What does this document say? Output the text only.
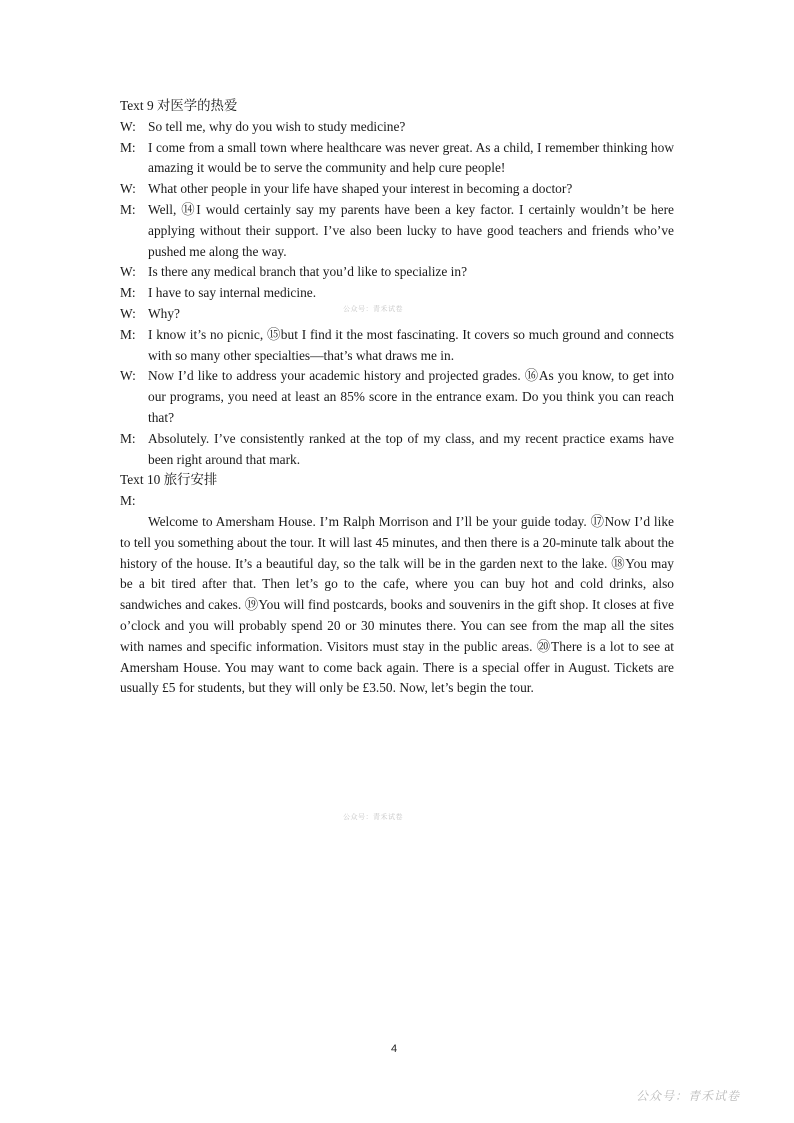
Text 9 对医学的热爱
W: So tell me, why do you wish to study medicine?
M: I come from a small town where healthcare was never great. As a child, I remember thinking how amazing it would be to serve the community and help cure people!
W: What other people in your life have shaped your interest in becoming a doctor?
M: Well, ⑭I would certainly say my parents have been a key factor. I certainly wouldn’t be here applying without their support. I’ve also been lucky to have good teachers and friends who’ve pushed me along the way.
W: Is there any medical branch that you’d like to specialize in?
M: I have to say internal medicine.
W: Why?
M: I know it’s no picnic, ⑮but I find it the most fascinating. It covers so much ground and connects with so many other specialties—that’s what draws me in.
W: Now I’d like to address your academic history and projected grades. ⑯As you know, to get into our programs, you need at least an 85% score in the entrance exam. Do you think you can reach that?
M: Absolutely. I’ve consistently ranked at the top of my class, and my recent practice exams have been right around that mark.
Text 10 旅行安排
M:

Welcome to Amersham House. I’m Ralph Morrison and I’ll be your guide today. ⑰Now I’d like to tell you something about the tour. It will last 45 minutes, and then there is a 20-minute talk about the history of the house. It’s a beautiful day, so the talk will be in the garden next to the lake. ⑱You may be a bit tired after that. Then let’s go to the cafe, where you can buy hot and cold drinks, also sandwiches and cakes. ⑲You will find postcards, books and souvenirs in the gift shop. It closes at five o’clock and you will probably spend 20 or 30 minutes there. You can see from the map all the sites with names and specific information. Visitors must stay in the public areas. ⑳There is a lot to see at Amersham House. You may want to come back again. There is a special offer in August. Tickets are usually £5 for students, but they will only be £3.50. Now, let’s begin the tour.

公众号：青禾试卷
公众号：青禾试卷
4
公众号：青禾试卷
